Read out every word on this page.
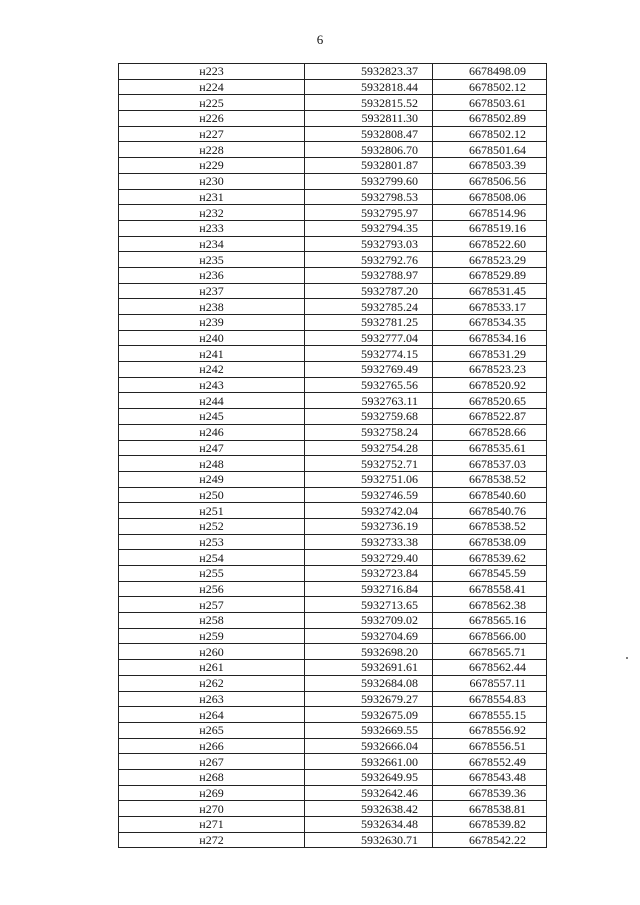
6
н223	5932823.37	6678498.09
н224	5932818.44	6678502.12
н225	5932815.52	6678503.61
н226	5932811.30	6678502.89
н227	5932808.47	6678502.12
н228	5932806.70	6678501.64
н229	5932801.87	6678503.39
н230	5932799.60	6678506.56
н231	5932798.53	6678508.06
н232	5932795.97	6678514.96
н233	5932794.35	6678519.16
н234	5932793.03	6678522.60
н235	5932792.76	6678523.29
н236	5932788.97	6678529.89
н237	5932787.20	6678531.45
н238	5932785.24	6678533.17
н239	5932781.25	6678534.35
н240	5932777.04	6678534.16
н241	5932774.15	6678531.29
н242	5932769.49	6678523.23
н243	5932765.56	6678520.92
н244	5932763.11	6678520.65
н245	5932759.68	6678522.87
н246	5932758.24	6678528.66
н247	5932754.28	6678535.61
н248	5932752.71	6678537.03
н249	5932751.06	6678538.52
н250	5932746.59	6678540.60
н251	5932742.04	6678540.76
н252	5932736.19	6678538.52
н253	5932733.38	6678538.09
н254	5932729.40	6678539.62
н255	5932723.84	6678545.59
н256	5932716.84	6678558.41
н257	5932713.65	6678562.38
н258	5932709.02	6678565.16
н259	5932704.69	6678566.00
н260	5932698.20	6678565.71
н261	5932691.61	6678562.44
н262	5932684.08	6678557.11
н263	5932679.27	6678554.83
н264	5932675.09	6678555.15
н265	5932669.55	6678556.92
н266	5932666.04	6678556.51
н267	5932661.00	6678552.49
н268	5932649.95	6678543.48
н269	5932642.46	6678539.36
н270	5932638.42	6678538.81
н271	5932634.48	6678539.82
н272	5932630.71	6678542.22
